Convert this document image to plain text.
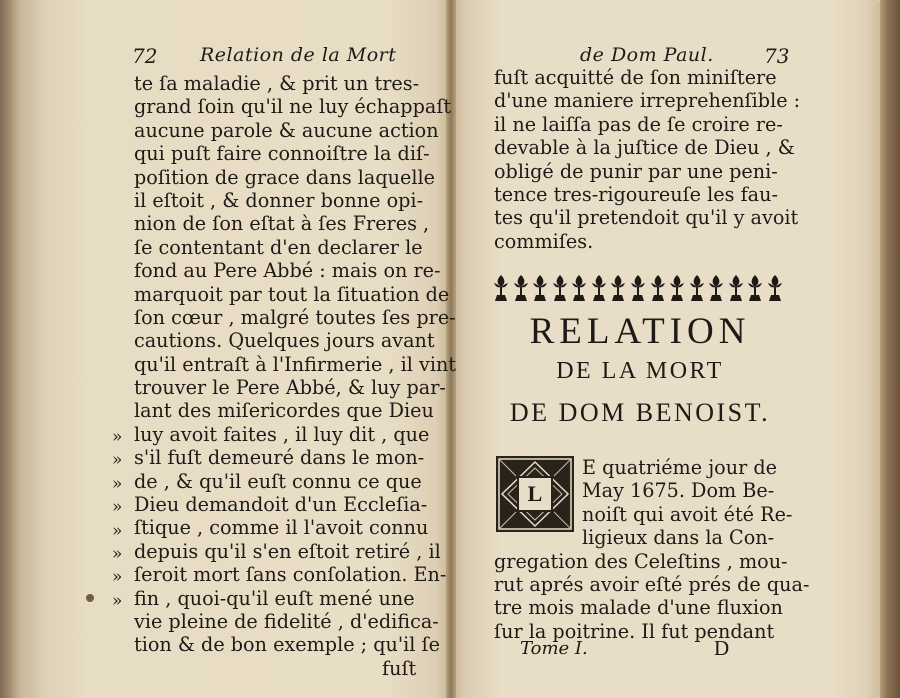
72 Relation de la Mort
te ſa maladie , & prit un tres-
grand ſoin qu'il ne luy échappaſt
aucune parole & aucune action
qui puſt faire connoiſtre la diſ-
poſition de grace dans laquelle
il eſtoit , & donner bonne opi-
nion de ſon eſtat à ſes Freres ,
ſe contentant d'en declarer le
fond au Pere Abbé : mais on re-
marquoit par tout la ſituation de
ſon cœur , malgré toutes ſes pre-
cautions. Quelques jours avant
qu'il entraſt à l'Infirmerie , il vint
trouver le Pere Abbé, & luy par-
lant des miſericordes que Dieu
luy avoit faites , il luy dit , que
s'il fuſt demeuré dans le mon-
de , & qu'il euſt connu ce que
Dieu demandoit d'un Eccleſia-
ſtique , comme il l'avoit connu
depuis qu'il s'en eſtoit retiré , il
ſeroit mort ſans conſolation. En-
fin , quoi-qu'il euſt mené une
vie pleine de fidelité , d'edifica-
tion & de bon exemple ; qu'il ſe
fuſt
»
»
»
»
»
»
»
»
de Dom Paul.	73
fuſt acquitté de ſon miniſtere
d'une maniere irreprehenſible :
il ne laiſſa pas de ſe croire re-
devable à la juſtice de Dieu , &
obligé de punir par une peni-
tence tres-rigoureuſe les fau-
tes qu'il pretendoit qu'il y avoit
commiſes.
RELATION
DE LA MORT
DE DOM BENOIST.
L
E quatriéme jour de
May 1675. Dom Be-
noiſt qui avoit été Re-
ligieux dans la Con-
gregation des Celeſtins , mou-
rut aprés avoir eſté prés de qua-
tre mois malade d'une fluxion
ſur la poitrine. Il fut pendant
Tome I.	D
